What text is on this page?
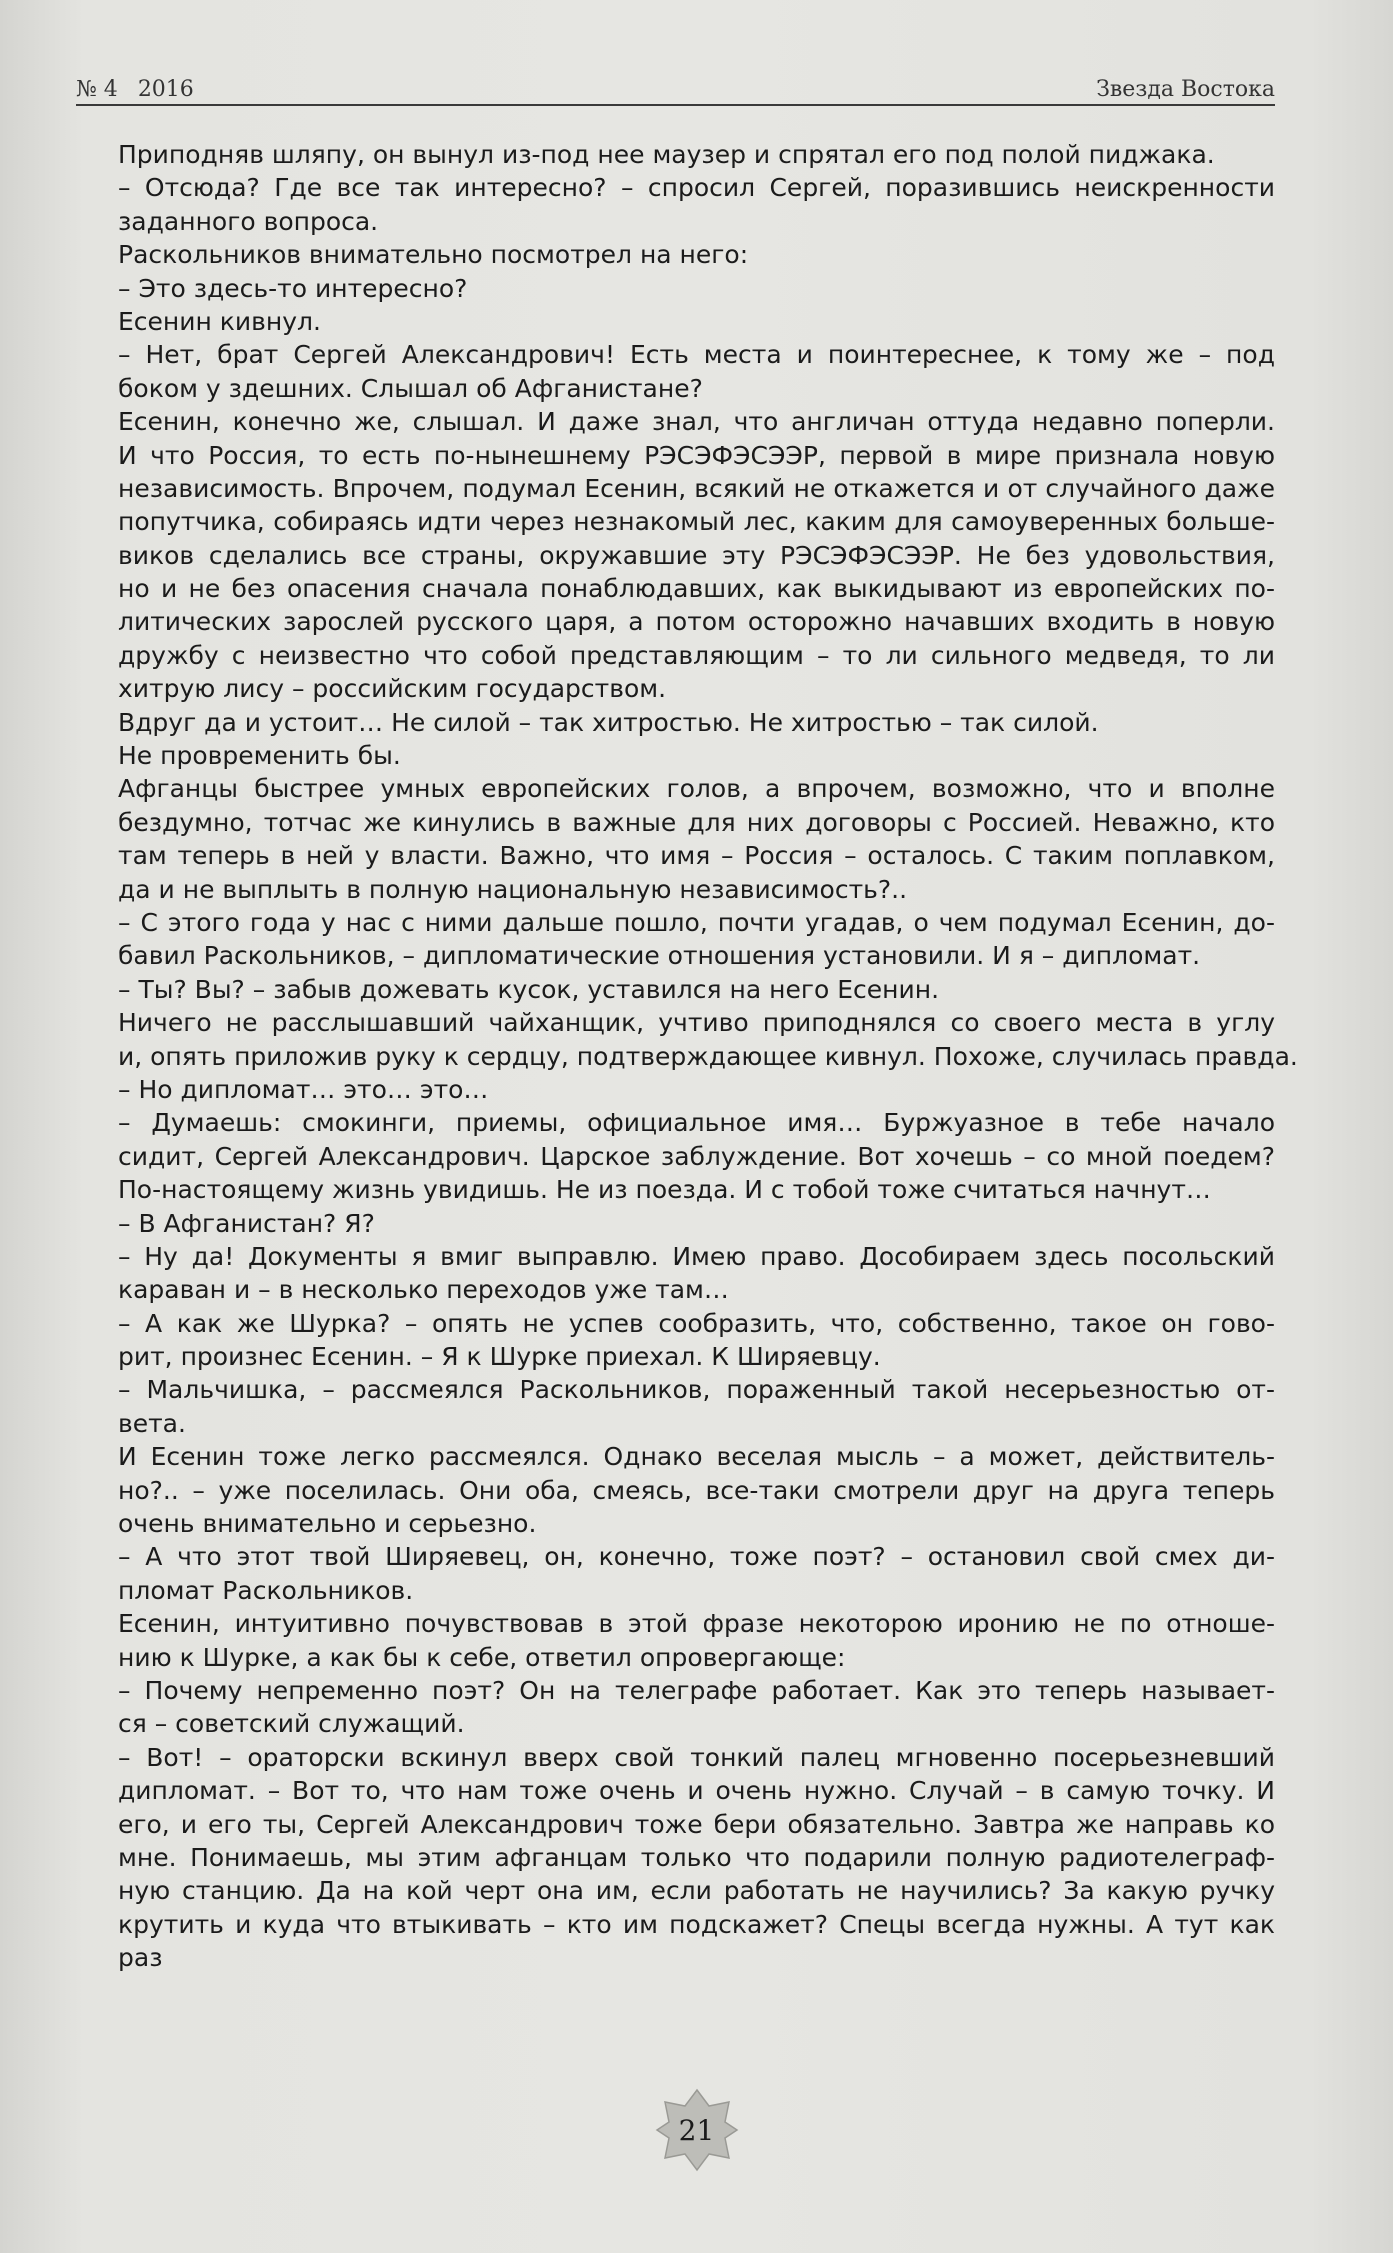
№ 4 2016	Звезда Востока
Приподняв шляпу, он вынул из-под нее маузер и спрятал его под полой пиджака.
– Отсюда? Где все так интересно? – спросил Сергей, поразившись неискренности
заданного вопроса.
Раскольников внимательно посмотрел на него:
– Это здесь-то интересно?
Есенин кивнул.
– Нет, брат Сергей Александрович! Есть места и поинтереснее, к тому же – под
боком у здешних. Слышал об Афганистане?
Есенин, конечно же, слышал. И даже знал, что англичан оттуда недавно поперли.
И что Россия, то есть по-нынешнему РЭСЭФЭСЭЭР, первой в мире признала новую
независимость. Впрочем, подумал Есенин, всякий не откажется и от случайного даже
попутчика, собираясь идти через незнакомый лес, каким для самоуверенных больше-
виков сделались все страны, окружавшие эту РЭСЭФЭСЭЭР. Не без удовольствия,
но и не без опасения сначала понаблюдавших, как выкидывают из европейских по-
литических зарослей русского царя, а потом осторожно начавших входить в новую
дружбу с неизвестно что собой представляющим – то ли сильного медведя, то ли
хитрую лису – российским государством.
Вдруг да и устоит… Не силой – так хитростью. Не хитростью – так силой.
Не провременить бы.
Афганцы быстрее умных европейских голов, а впрочем, возможно, что и вполне
бездумно, тотчас же кинулись в важные для них договоры с Россией. Неважно, кто
там теперь в ней у власти. Важно, что имя – Россия – осталось. С таким поплавком,
да и не выплыть в полную национальную независимость?..
– С этого года у нас с ними дальше пошло, почти угадав, о чем подумал Есенин, до-
бавил Раскольников, – дипломатические отношения установили. И я – дипломат.
– Ты? Вы? – забыв дожевать кусок, уставился на него Есенин.
Ничего не расслышавший чайханщик, учтиво приподнялся со своего места в углу
и, опять приложив руку к сердцу, подтверждающее кивнул. Похоже, случилась правда.
– Но дипломат… это… это…
– Думаешь: смокинги, приемы, официальное имя… Буржуазное в тебе начало
сидит, Сергей Александрович. Царское заблуждение. Вот хочешь – со мной поедем?
По-настоящему жизнь увидишь. Не из поезда. И с тобой тоже считаться начнут…
– В Афганистан? Я?
– Ну да! Документы я вмиг выправлю. Имею право. Дособираем здесь посольский
караван и – в несколько переходов уже там…
– А как же Шурка? – опять не успев сообразить, что, собственно, такое он гово-
рит, произнес Есенин. – Я к Шурке приехал. К Ширяевцу.
– Мальчишка, – рассмеялся Раскольников, пораженный такой несерьезностью от-
вета.
И Есенин тоже легко рассмеялся. Однако веселая мысль – а может, действитель-
но?.. – уже поселилась. Они оба, смеясь, все-таки смотрели друг на друга теперь
очень внимательно и серьезно.
– А что этот твой Ширяевец, он, конечно, тоже поэт? – остановил свой смех ди-
пломат Раскольников.
Есенин, интуитивно почувствовав в этой фразе некоторою иронию не по отноше-
нию к Шурке, а как бы к себе, ответил опровергающе:
– Почему непременно поэт? Он на телеграфе работает. Как это теперь называет-
ся – советский служащий.
– Вот! – ораторски вскинул вверх свой тонкий палец мгновенно посерьезневший
дипломат. – Вот то, что нам тоже очень и очень нужно. Случай – в самую точку. И
его, и его ты, Сергей Александрович тоже бери обязательно. Завтра же направь ко
мне. Понимаешь, мы этим афганцам только что подарили полную радиотелеграф-
ную станцию. Да на кой черт она им, если работать не научились? За какую ручку
крутить и куда что втыкивать – кто им подскажет? Спецы всегда нужны. А тут как раз
21
